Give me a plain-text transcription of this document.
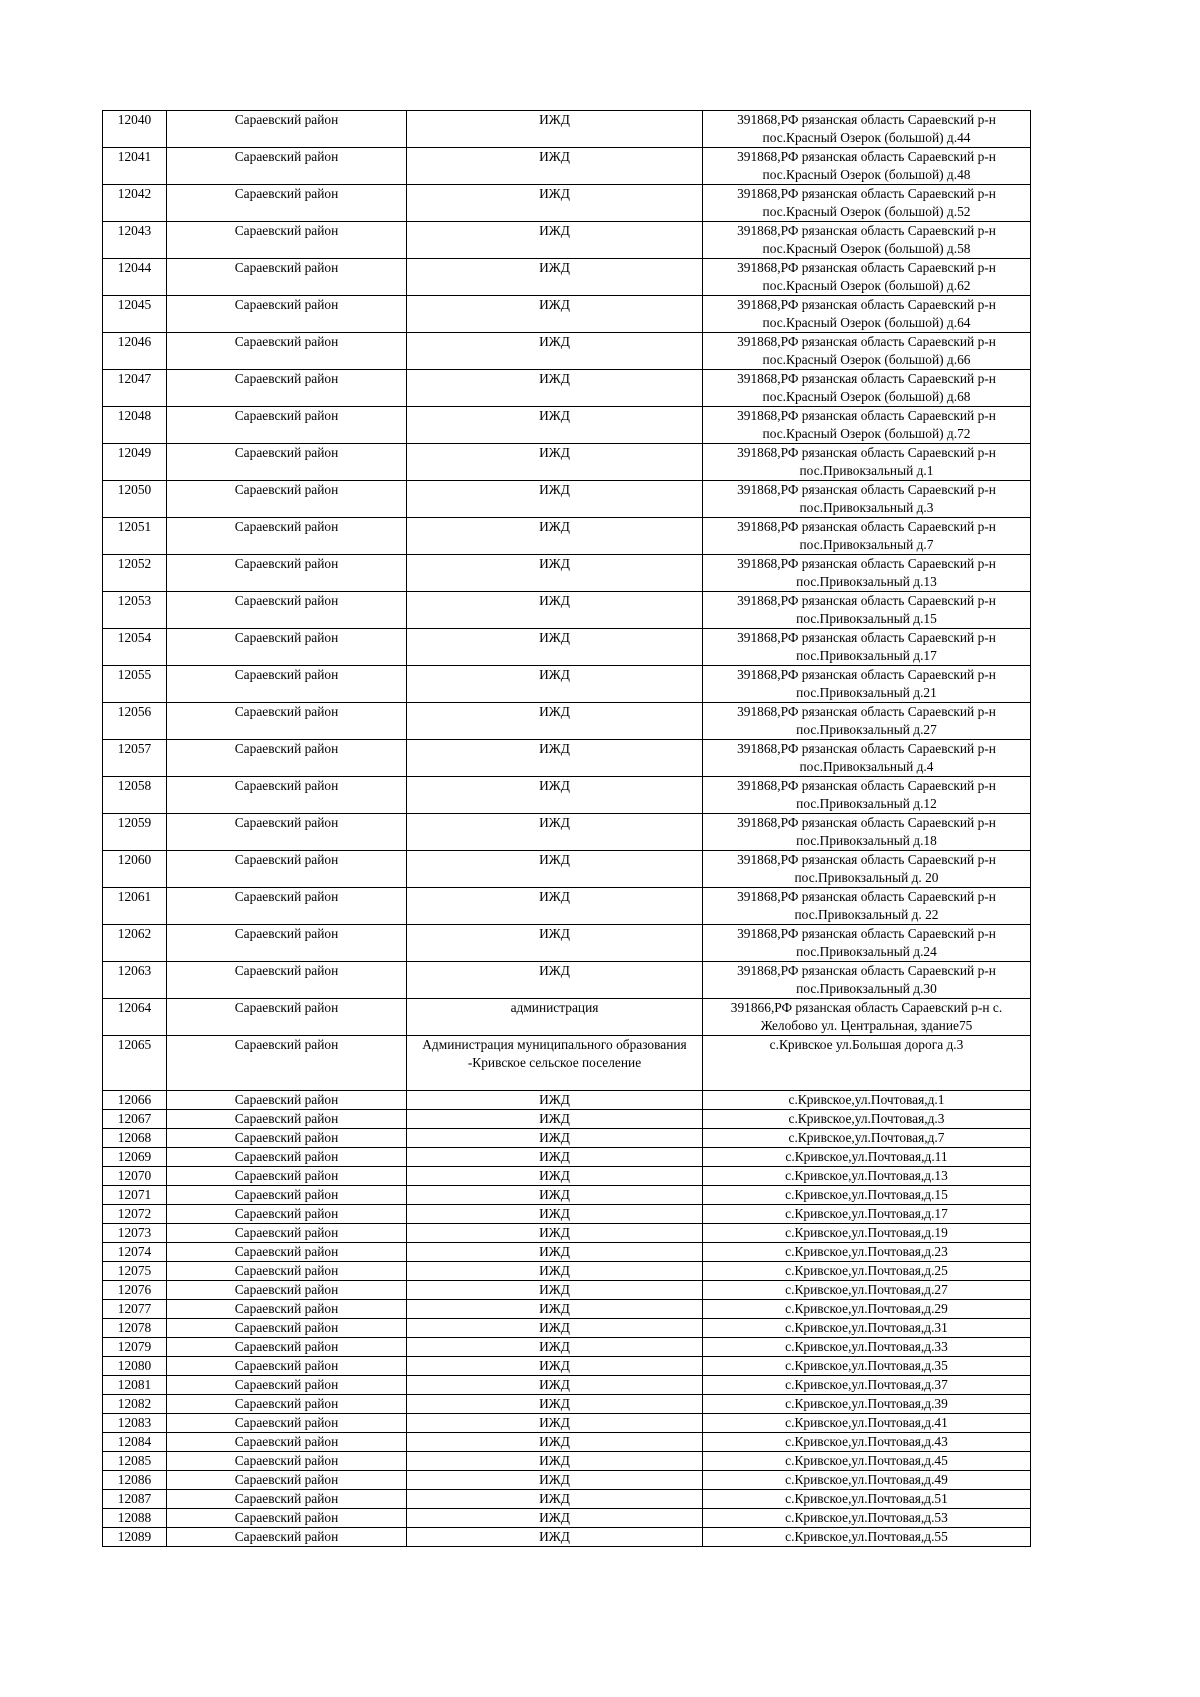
12040	Сараевский район	ИЖД	391868,РФ рязанская область Сараевский р-н
пос.Красный Озерок (большой) д.44

12041	Сараевский район	ИЖД	391868,РФ рязанская область Сараевский р-н
пос.Красный Озерок (большой) д.48

12042	Сараевский район	ИЖД	391868,РФ рязанская область Сараевский р-н
пос.Красный Озерок (большой) д.52

12043	Сараевский район	ИЖД	391868,РФ рязанская область Сараевский р-н
пос.Красный Озерок (большой) д.58

12044	Сараевский район	ИЖД	391868,РФ рязанская область Сараевский р-н
пос.Красный Озерок (большой) д.62

12045	Сараевский район	ИЖД	391868,РФ рязанская область Сараевский р-н
пос.Красный Озерок (большой) д.64

12046	Сараевский район	ИЖД	391868,РФ рязанская область Сараевский р-н
пос.Красный Озерок (большой) д.66

12047	Сараевский район	ИЖД	391868,РФ рязанская область Сараевский р-н
пос.Красный Озерок (большой) д.68

12048	Сараевский район	ИЖД	391868,РФ рязанская область Сараевский р-н
пос.Красный Озерок (большой) д.72

12049	Сараевский район	ИЖД	391868,РФ рязанская область Сараевский р-н
пос.Привокзальный д.1

12050	Сараевский район	ИЖД	391868,РФ рязанская область Сараевский р-н
пос.Привокзальный д.3

12051	Сараевский район	ИЖД	391868,РФ рязанская область Сараевский р-н
пос.Привокзальный д.7

12052	Сараевский район	ИЖД	391868,РФ рязанская область Сараевский р-н
пос.Привокзальный д.13

12053	Сараевский район	ИЖД	391868,РФ рязанская область Сараевский р-н
пос.Привокзальный д.15

12054	Сараевский район	ИЖД	391868,РФ рязанская область Сараевский р-н
пос.Привокзальный д.17

12055	Сараевский район	ИЖД	391868,РФ рязанская область Сараевский р-н
пос.Привокзальный д.21

12056	Сараевский район	ИЖД	391868,РФ рязанская область Сараевский р-н
пос.Привокзальный д.27

12057	Сараевский район	ИЖД	391868,РФ рязанская область Сараевский р-н
пос.Привокзальный д.4

12058	Сараевский район	ИЖД	391868,РФ рязанская область Сараевский р-н
пос.Привокзальный д.12

12059	Сараевский район	ИЖД	391868,РФ рязанская область Сараевский р-н
пос.Привокзальный д.18

12060	Сараевский район	ИЖД	391868,РФ рязанская область Сараевский р-н
пос.Привокзальный д. 20

12061	Сараевский район	ИЖД	391868,РФ рязанская область Сараевский р-н
пос.Привокзальный д. 22

12062	Сараевский район	ИЖД	391868,РФ рязанская область Сараевский р-н
пос.Привокзальный д.24

12063	Сараевский район	ИЖД	391868,РФ рязанская область Сараевский р-н
пос.Привокзальный д.30

12064	Сараевский район	администрация	391866,РФ рязанская область Сараевский р-н с.
Желобово ул. Центральная, здание75

12065	Сараевский район	Администрация муниципального образования -Кривское сельское поселение	с.Кривское ул.Большая дорога д.3

12066	Сараевский район	ИЖД	с.Кривское,ул.Почтовая,д.1

12067	Сараевский район	ИЖД	с.Кривское,ул.Почтовая,д.3

12068	Сараевский район	ИЖД	с.Кривское,ул.Почтовая,д.7

12069	Сараевский район	ИЖД	с.Кривское,ул.Почтовая,д.11

12070	Сараевский район	ИЖД	с.Кривское,ул.Почтовая,д.13

12071	Сараевский район	ИЖД	с.Кривское,ул.Почтовая,д.15

12072	Сараевский район	ИЖД	с.Кривское,ул.Почтовая,д.17

12073	Сараевский район	ИЖД	с.Кривское,ул.Почтовая,д.19

12074	Сараевский район	ИЖД	с.Кривское,ул.Почтовая,д.23

12075	Сараевский район	ИЖД	с.Кривское,ул.Почтовая,д.25

12076	Сараевский район	ИЖД	с.Кривское,ул.Почтовая,д.27

12077	Сараевский район	ИЖД	с.Кривское,ул.Почтовая,д.29

12078	Сараевский район	ИЖД	с.Кривское,ул.Почтовая,д.31

12079	Сараевский район	ИЖД	с.Кривское,ул.Почтовая,д.33

12080	Сараевский район	ИЖД	с.Кривское,ул.Почтовая,д.35

12081	Сараевский район	ИЖД	с.Кривское,ул.Почтовая,д.37

12082	Сараевский район	ИЖД	с.Кривское,ул.Почтовая,д.39

12083	Сараевский район	ИЖД	с.Кривское,ул.Почтовая,д.41

12084	Сараевский район	ИЖД	с.Кривское,ул.Почтовая,д.43

12085	Сараевский район	ИЖД	с.Кривское,ул.Почтовая,д.45

12086	Сараевский район	ИЖД	с.Кривское,ул.Почтовая,д.49

12087	Сараевский район	ИЖД	с.Кривское,ул.Почтовая,д.51

12088	Сараевский район	ИЖД	с.Кривское,ул.Почтовая,д.53

12089	Сараевский район	ИЖД	с.Кривское,ул.Почтовая,д.55
